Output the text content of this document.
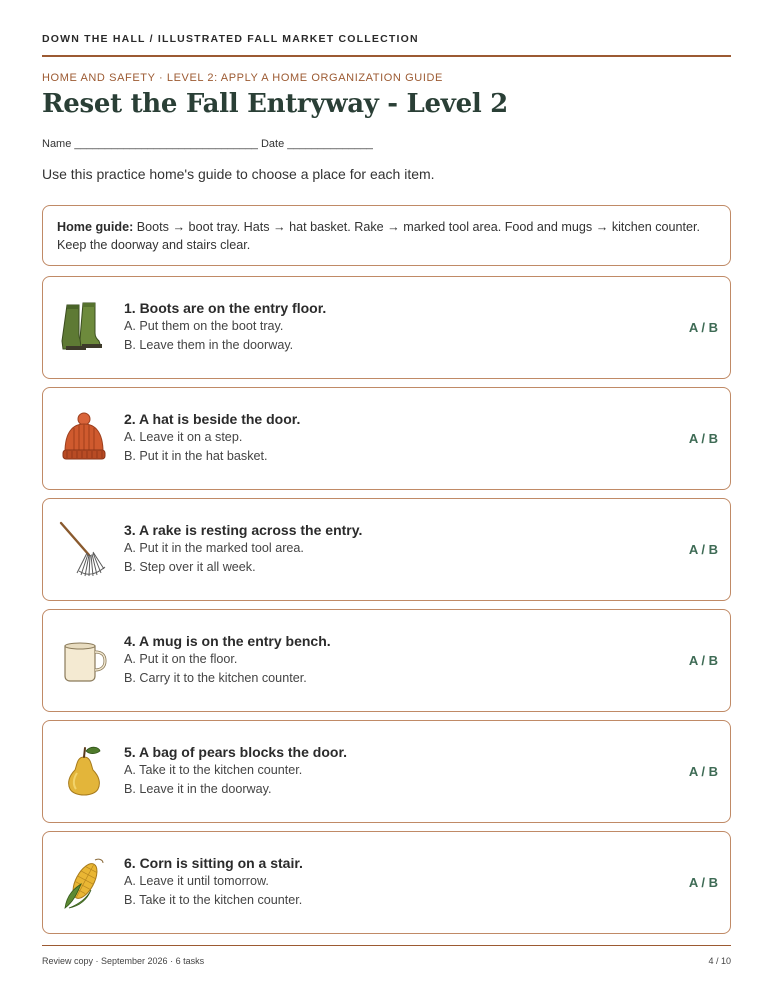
DOWN THE HALL / ILLUSTRATED FALL MARKET COLLECTION
HOME AND SAFETY · LEVEL 2: APPLY A HOME ORGANIZATION GUIDE
Reset the Fall Entryway - Level 2
Name ______________________________ Date ______________
Use this practice home's guide to choose a place for each item.
Home guide: Boots → boot tray. Hats → hat basket. Rake → marked tool area. Food and mugs → kitchen counter. Keep the doorway and stairs clear.
1. Boots are on the entry floor.
A. Put them on the boot tray.
B. Leave them in the doorway.
A / B
2. A hat is beside the door.
A. Leave it on a step.
B. Put it in the hat basket.
A / B
3. A rake is resting across the entry.
A. Put it in the marked tool area.
B. Step over it all week.
A / B
4. A mug is on the entry bench.
A. Put it on the floor.
B. Carry it to the kitchen counter.
A / B
5. A bag of pears blocks the door.
A. Take it to the kitchen counter.
B. Leave it in the doorway.
A / B
6. Corn is sitting on a stair.
A. Leave it until tomorrow.
B. Take it to the kitchen counter.
A / B
Review copy · September 2026 · 6 tasks	4 / 10
